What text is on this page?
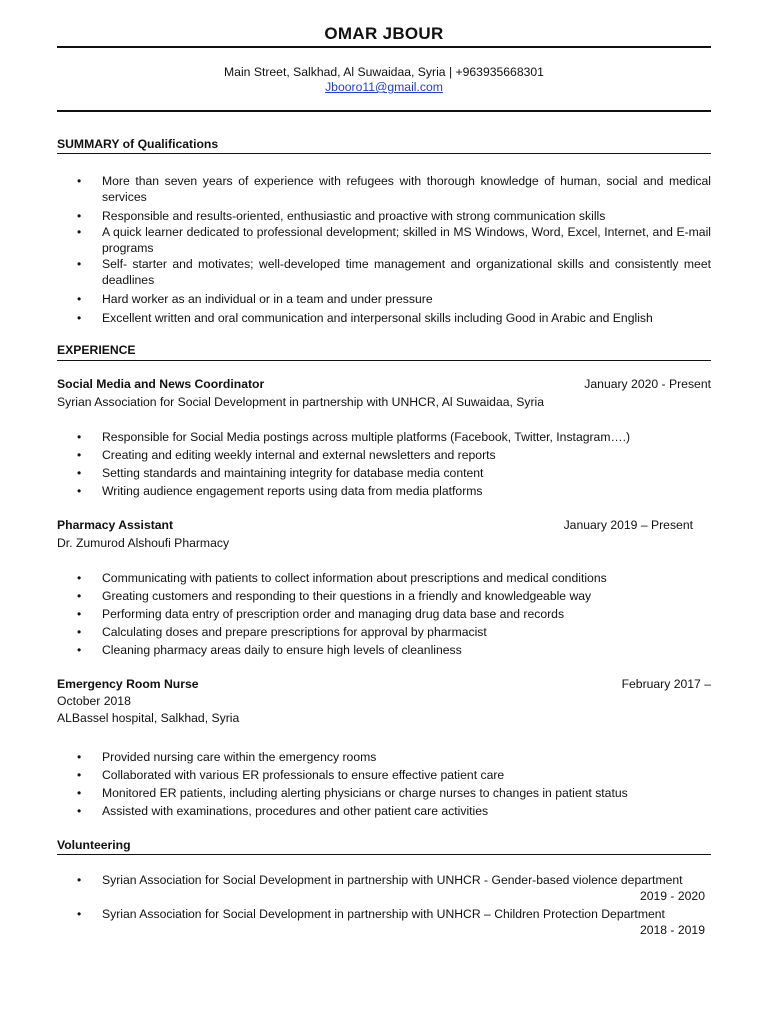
OMAR JBOUR
Main Street, Salkhad, Al Suwaidaa, Syria | +963935668301
Jbooro11@gmail.com
SUMMARY of Qualifications
• More than seven years of experience with refugees with thorough knowledge of human, social and medical services
• Responsible and results-oriented, enthusiastic and proactive with strong communication skills
• A quick learner dedicated to professional development; skilled in MS Windows, Word, Excel, Internet, and E-mail programs
• Self- starter and motivates; well-developed time management and organizational skills and consistently meet deadlines
• Hard worker as an individual or in a team and under pressure
• Excellent written and oral communication and interpersonal skills including Good in Arabic and English
EXPERIENCE
Social Media and News Coordinator	January 2020 - Present
Syrian Association for Social Development in partnership with UNHCR, Al Suwaidaa, Syria
• Responsible for Social Media postings across multiple platforms (Facebook, Twitter, Instagram….)
• Creating and editing weekly internal and external newsletters and reports
• Setting standards and maintaining integrity for database media content
• Writing audience engagement reports using data from media platforms
Pharmacy Assistant	January 2019 – Present
Dr. Zumurod Alshoufi Pharmacy
• Communicating with patients to collect information about prescriptions and medical conditions
• Greating customers and responding to their questions in a friendly and knowledgeable way
• Performing data entry of prescription order and managing drug data base and records
• Calculating doses and prepare prescriptions for approval by pharmacist
• Cleaning pharmacy areas daily to ensure high levels of cleanliness
Emergency Room Nurse	February 2017 –
October 2018
ALBassel hospital, Salkhad, Syria
• Provided nursing care within the emergency rooms
• Collaborated with various ER professionals to ensure effective patient care
• Monitored ER patients, including alerting physicians or charge nurses to changes in patient status
• Assisted with examinations, procedures and other patient care activities
Volunteering
• Syrian Association for Social Development in partnership with UNHCR - Gender-based violence department
2019 - 2020
• Syrian Association for Social Development in partnership with UNHCR – Children Protection Department
2018 - 2019
